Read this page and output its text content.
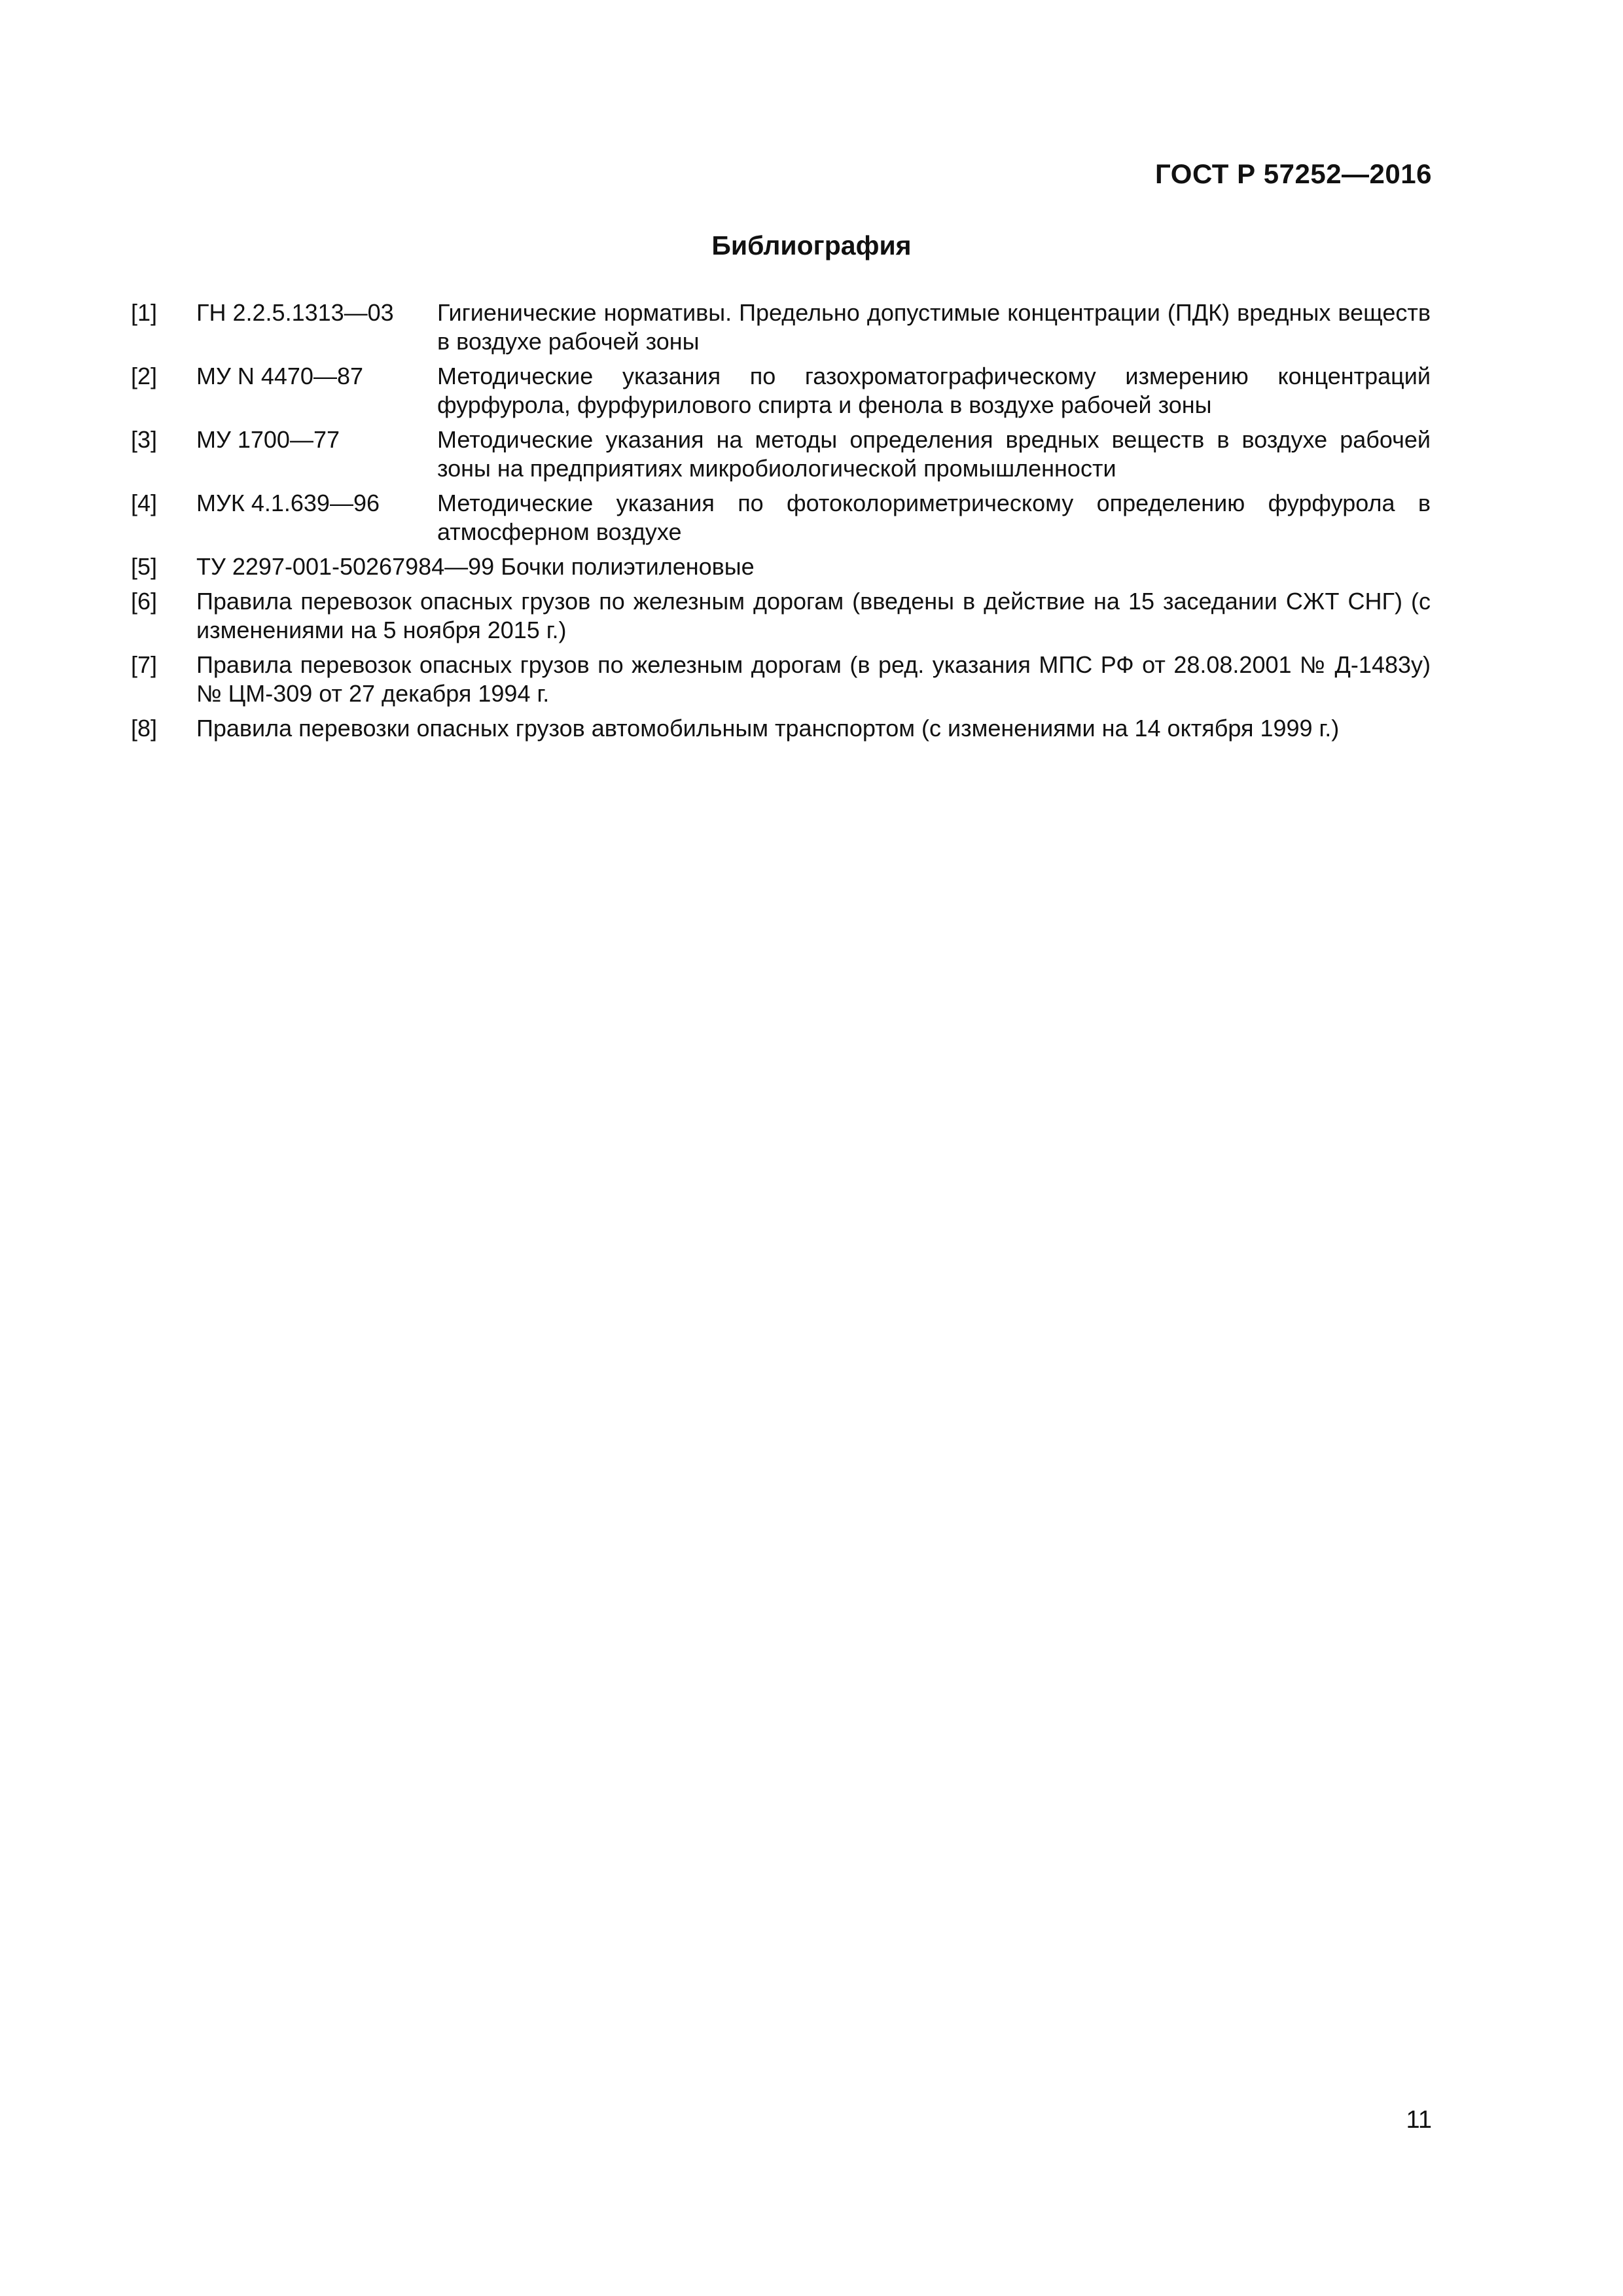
ГОСТ Р 57252—2016
Библиография
[1]	ГН 2.2.5.1313—03	Гигиенические нормативы. Предельно допустимые концентрации (ПДК) вредных веществ в воздухе рабочей зоны
[2]	МУ N 4470—87	Методические указания по газохроматографическому измерению концентраций фурфурола, фурфурилового спирта и фенола в воздухе рабочей зоны
[3]	МУ 1700—77	Методические указания на методы определения вредных веществ в воздухе рабочей зоны на предприятиях микробиологической промышленности
[4]	МУК 4.1.639—96	Методические указания по фотоколориметрическому определению фурфурола в атмосферном воздухе
[5]	ТУ 2297-001-50267984—99 Бочки полиэтиленовые
[6]	Правила перевозок опасных грузов по железным дорогам (введены в действие на 15 заседании СЖТ СНГ) (с изменениями на 5 ноября 2015 г.)
[7]	Правила перевозок опасных грузов по железным дорогам (в ред. указания МПС РФ от 28.08.2001 № Д-1483у) № ЦМ-309 от 27 декабря 1994 г.
[8]	Правила перевозки опасных грузов автомобильным транспортом (с изменениями на 14 октября 1999 г.)
11
